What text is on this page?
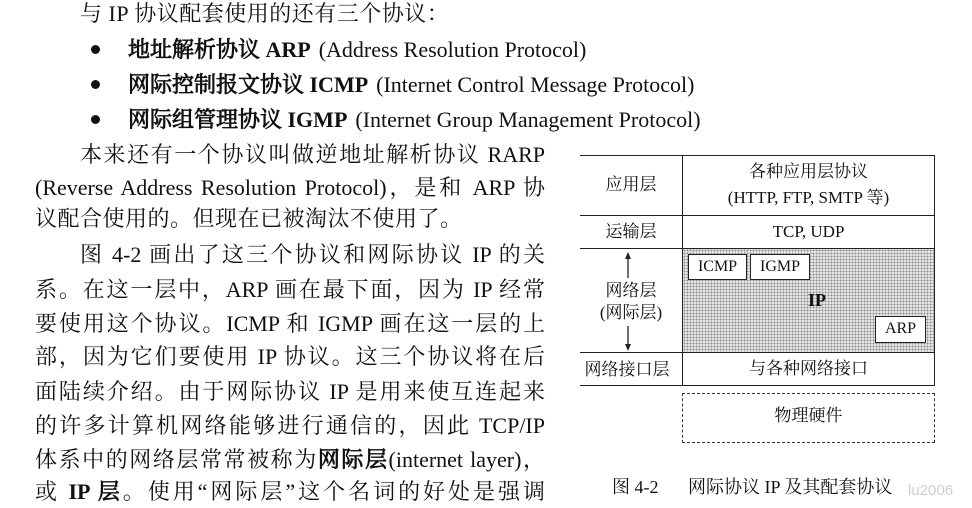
与 IP 协议配套使用的还有三个协议：
地址解析协议 ARP (Address Resolution Protocol)
网际控制报文协议 ICMP (Internet Control Message Protocol)
网际组管理协议 IGMP (Internet Group Management Protocol)
本来还有一个协议叫做逆地址解析协议 RARP
(Reverse Address Resolution Protocol)，是和 ARP 协
议配合使用的。但现在已被淘汰不使用了。
图 4-2 画出了这三个协议和网际协议 IP 的关
系。在这一层中，ARP 画在最下面，因为 IP 经常
要使用这个协议。ICMP 和 IGMP 画在这一层的上
部，因为它们要使用 IP 协议。这三个协议将在后
面陆续介绍。由于网际协议 IP 是用来使互连起来
的许多计算机网络能够进行通信的，因此 TCP/IP
体系中的网络层常常被称为网际层(internet layer)，
或 IP 层。使用“网际层”这个名词的好处是强调
应用层
运输层
网络层
(网际层)
网络接口层
各种应用层协议
(HTTP, FTP, SMTP 等)
TCP, UDP
ICMP	IGMP
IP
ARP
与各种网络接口
物理硬件
图 4-2 网际协议 IP 及其配套协议 lu2006
